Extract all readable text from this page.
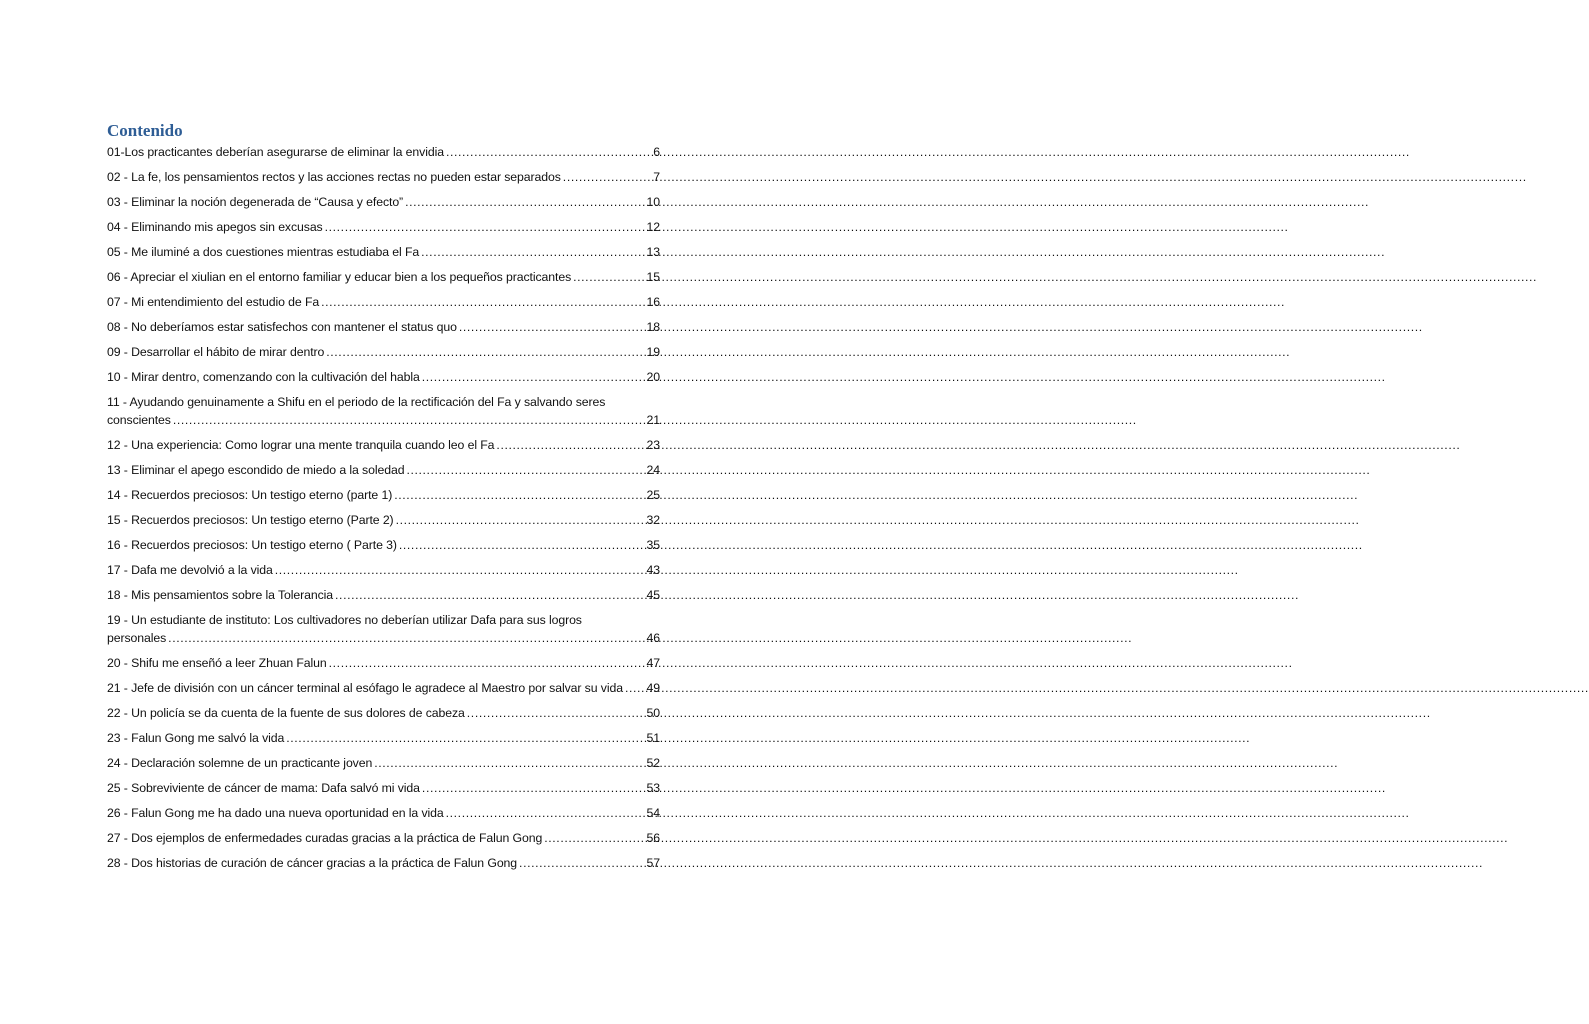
Contenido
01-Los practicantes deberían asegurarse de eliminar la envidia .....	6
02 - La fe, los pensamientos rectos y las acciones rectas no pueden estar separados .....	7
03 - Eliminar la noción degenerada de “Causa y efecto” .....	10
04 - Eliminando mis apegos sin excusas .....	12
05 - Me iluminé a dos cuestiones mientras estudiaba el Fa .....	13
06 - Apreciar el xiulian en el entorno familiar y educar bien a los pequeños practicantes .....	15
07 - Mi entendimiento del estudio de Fa .....	16
08 - No deberíamos estar satisfechos con mantener el status quo .....	18
09 - Desarrollar el hábito de mirar dentro .....	19
10 - Mirar dentro, comenzando con la cultivación del habla .....	20
11 - Ayudando genuinamente a Shifu en el periodo de la rectificación del Fa y salvando seres
conscientes .....	21
12 - Una experiencia: Como lograr una mente tranquila cuando leo el Fa .....	23
13 - Eliminar el apego escondido de miedo a la soledad .....	24
14 - Recuerdos preciosos: Un testigo eterno (parte 1) .....	25
15 - Recuerdos preciosos: Un testigo eterno (Parte 2) .....	32
16 - Recuerdos preciosos: Un testigo eterno ( Parte 3) .....	35
17 - Dafa me devolvió a la vida .....	43
18 - Mis pensamientos sobre la Tolerancia .....	45
19 - Un estudiante de instituto: Los cultivadores no deberían utilizar Dafa para sus logros
personales .....	46
20 - Shifu me enseñó a leer Zhuan Falun .....	47
21 - Jefe de división con un cáncer terminal al esófago le agradece al Maestro por salvar su vida ..... 49
22 - Un policía se da cuenta de la fuente de sus dolores de cabeza .....	50
23 - Falun Gong me salvó la vida .....	51
24 - Declaración solemne de un practicante joven .....	52
25 - Sobreviviente de cáncer de mama: Dafa salvó mi vida .....	53
26 - Falun Gong me ha dado una nueva oportunidad en la vida .....	54
27 - Dos ejemplos de enfermedades curadas gracias a la práctica de Falun Gong .....	56
28 - Dos historias de curación de cáncer gracias a la práctica de Falun Gong .....	57
